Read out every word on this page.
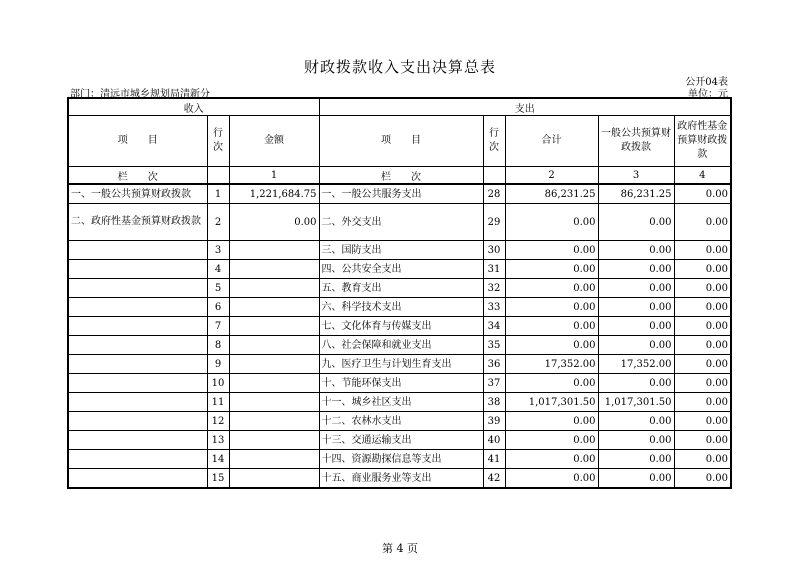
财政拨款收入支出决算总表
公开04表
部门：清远市城乡规划局清新分	单位：元
收入			支出				
项　　目	行次	金额	项　　目	行次	合计	一般公共预算财政拨款	政府性基金预算财政拨款
栏　　次		1	栏　　次		2	3	4
一、一般公共预算财政拨款	1	1,221,684.75	一、一般公共服务支出	28	86,231.25	86,231.25	0.00
二、政府性基金预算财政拨款	2	0.00	二、外交支出	29	0.00	0.00	0.00
	3		三、国防支出	30	0.00	0.00	0.00
	4		四、公共安全支出	31	0.00	0.00	0.00
	5		五、教育支出	32	0.00	0.00	0.00
	6		六、科学技术支出	33	0.00	0.00	0.00
	7		七、文化体育与传媒支出	34	0.00	0.00	0.00
	8		八、社会保障和就业支出	35	0.00	0.00	0.00
	9		九、医疗卫生与计划生育支出	36	17,352.00	17,352.00	0.00
	10		十、节能环保支出	37	0.00	0.00	0.00
	11		十一、城乡社区支出	38	1,017,301.50	1,017,301.50	0.00
	12		十二、农林水支出	39	0.00	0.00	0.00
	13		十三、交通运输支出	40	0.00	0.00	0.00
	14		十四、资源勘探信息等支出	41	0.00	0.00	0.00
	15		十五、商业服务业等支出	42	0.00	0.00	0.00
第 4 页
